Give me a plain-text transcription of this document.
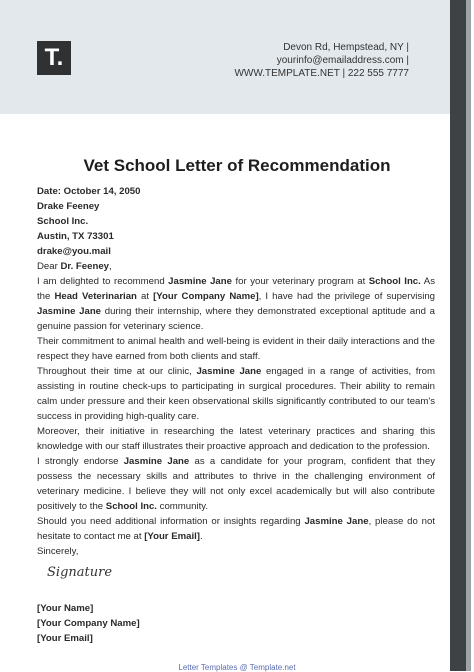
T.	Devon Rd, Hempstead, NY |
yourinfo@emailaddress.com |
WWW.TEMPLATE.NET | 222 555 7777
Vet School Letter of Recommendation
Date: October 14, 2050
Drake Feeney
School Inc.
Austin, TX 73301
drake@you.mail
Dear Dr. Feeney,

I am delighted to recommend Jasmine Jane for your veterinary program at School Inc. As the Head Veterinarian at [Your Company Name], I have had the privilege of supervising Jasmine Jane during their internship, where they demonstrated exceptional aptitude and a genuine passion for veterinary science.

Their commitment to animal health and well-being is evident in their daily interactions and the respect they have earned from both clients and staff.

Throughout their time at our clinic, Jasmine Jane engaged in a range of activities, from assisting in routine check-ups to participating in surgical procedures. Their ability to remain calm under pressure and their keen observational skills significantly contributed to our team's success in providing high-quality care.

Moreover, their initiative in researching the latest veterinary practices and sharing this knowledge with our staff illustrates their proactive approach and dedication to the profession.

I strongly endorse Jasmine Jane as a candidate for your program, confident that they possess the necessary skills and attributes to thrive in the challenging environment of veterinary medicine. I believe they will not only excel academically but will also contribute positively to the School Inc. community.

Should you need additional information or insights regarding Jasmine Jane, please do not hesitate to contact me at [Your Email].

Sincerely,
Signature
[Your Name]
[Your Company Name]
[Your Email]
Letter Templates @ Template.net
